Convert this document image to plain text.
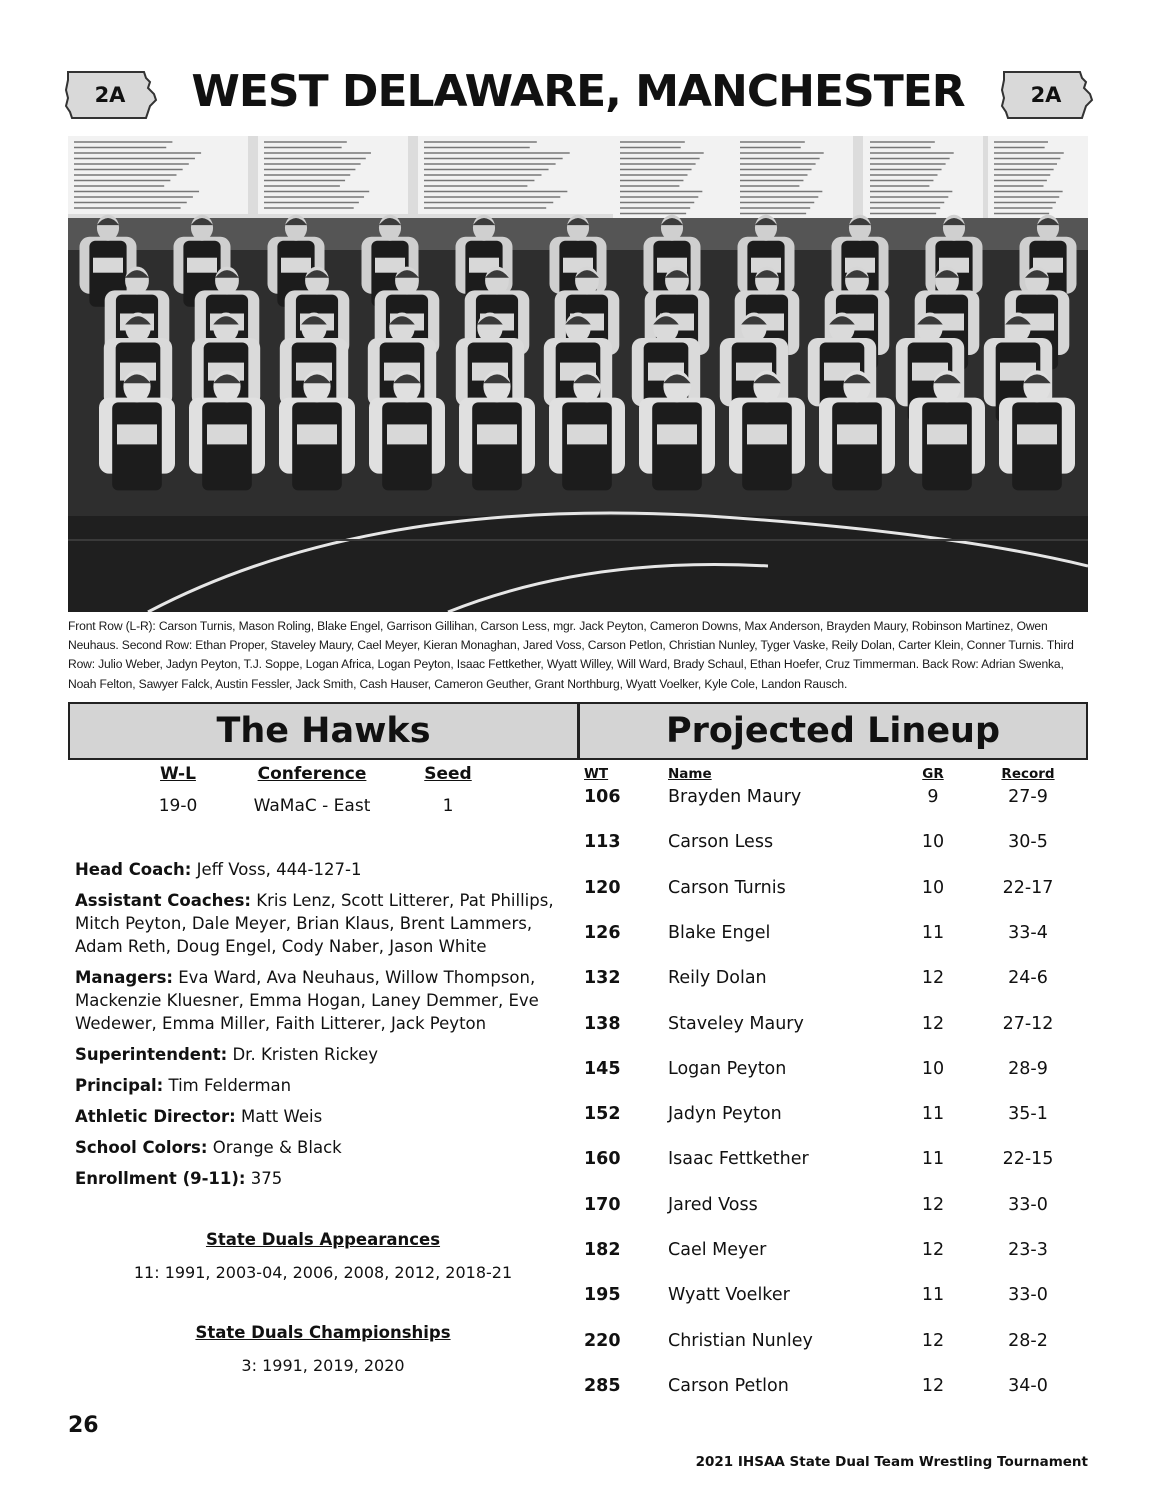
2A	WEST DELAWARE, MANCHESTER	2A
Front Row (L-R): Carson Turnis, Mason Roling, Blake Engel, Garrison Gillihan, Carson Less, mgr. Jack Peyton, Cameron Downs, Max Anderson, Brayden Maury, Robinson Martinez, Owen Neuhaus. Second Row: Ethan Proper, Staveley Maury, Cael Meyer, Kieran Monaghan, Jared Voss, Carson Petlon, Christian Nunley, Tyger Vaske, Reily Dolan, Carter Klein, Conner Turnis. Third Row: Julio Weber, Jadyn Peyton, T.J. Soppe, Logan Africa, Logan Peyton, Isaac Fettkether, Wyatt Willey, Will Ward, Brady Schaul, Ethan Hoefer, Cruz Timmerman. Back Row: Adrian Swenka, Noah Felton, Sawyer Falck, Austin Fessler, Jack Smith, Cash Hauser, Cameron Geuther, Grant Northburg, Wyatt Voelker, Kyle Cole, Landon Rausch.
The Hawks	Projected Lineup
W-L	Conference	Seed
19-0	WaMaC - East	1
Head Coach: Jeff Voss, 444-127-1
Assistant Coaches: Kris Lenz, Scott Litterer, Pat Phillips, Mitch Peyton, Dale Meyer, Brian Klaus, Brent Lammers, Adam Reth, Doug Engel, Cody Naber, Jason White
Managers: Eva Ward, Ava Neuhaus, Willow Thompson, Mackenzie Kluesner, Emma Hogan, Laney Demmer, Eve Wedewer, Emma Miller, Faith Litterer, Jack Peyton
Superintendent: Dr. Kristen Rickey
Principal: Tim Felderman
Athletic Director: Matt Weis
School Colors: Orange & Black
Enrollment (9-11): 375
State Duals Appearances
11: 1991, 2003-04, 2006, 2008, 2012, 2018-21
State Duals Championships
3: 1991, 2019, 2020
WT	Name	GR	Record
106	Brayden Maury	9	27-9
113	Carson Less	10	30-5
120	Carson Turnis	10	22-17
126	Blake Engel	11	33-4
132	Reily Dolan	12	24-6
138	Staveley Maury	12	27-12
145	Logan Peyton	10	28-9
152	Jadyn Peyton	11	35-1
160	Isaac Fettkether	11	22-15
170	Jared Voss	12	33-0
182	Cael Meyer	12	23-3
195	Wyatt Voelker	11	33-0
220	Christian Nunley	12	28-2
285	Carson Petlon	12	34-0
26
2021 IHSAA State Dual Team Wrestling Tournament
